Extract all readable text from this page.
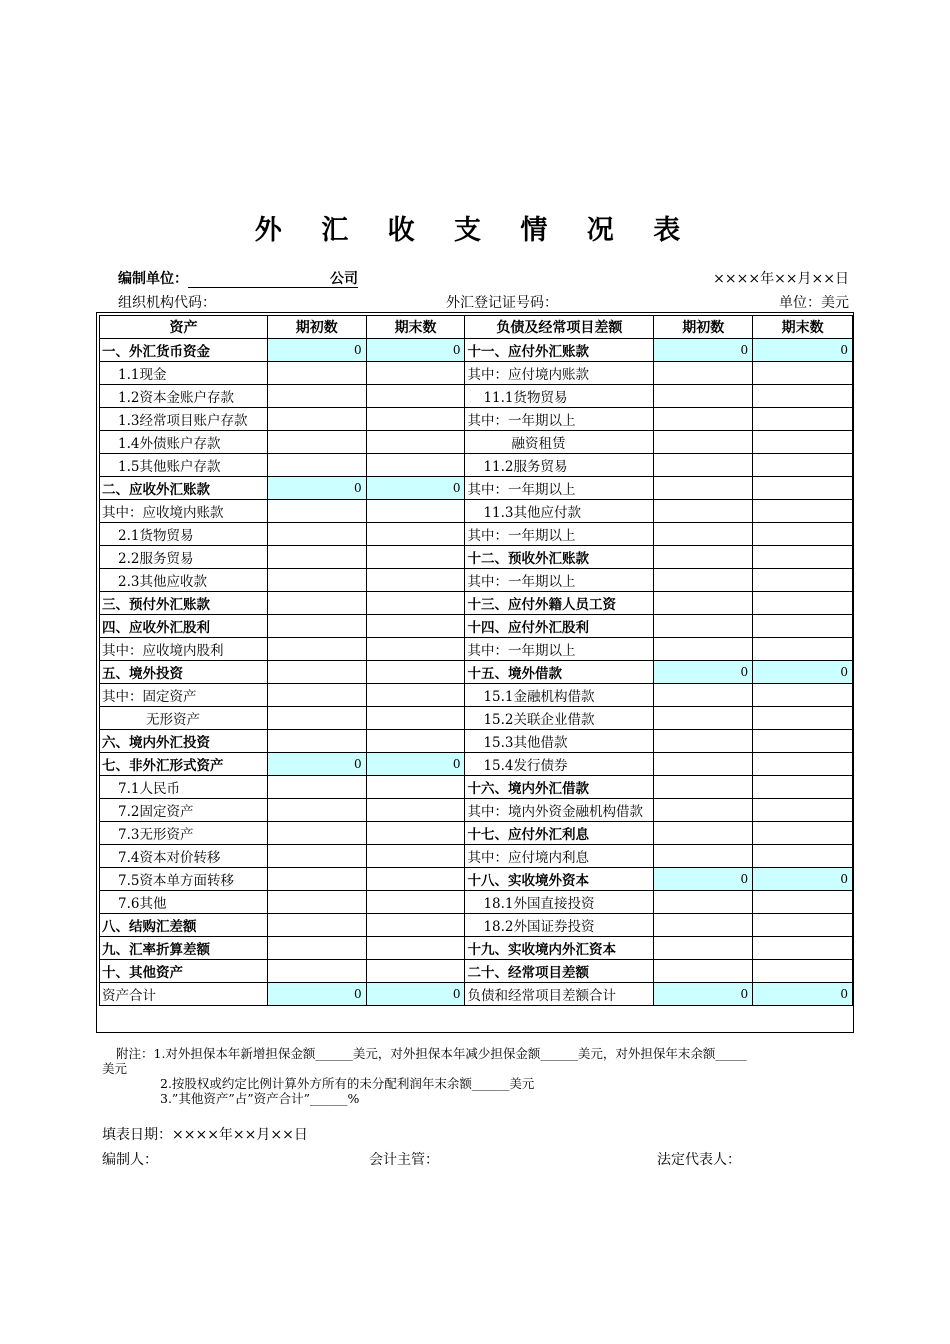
外 汇 收 支 情 况 表
编制单位：	公司	××××年××月××日
组织机构代码：	外汇登记证号码：	单位：美元
资产	期初数	期末数	负债及经常项目差额	期初数	期末数
一、外汇货币资金	0	0	十一、应付外汇账款	0	0
1.1现金			其中：应付境内账款		
1.2资本金账户存款			11.1货物贸易		
1.3经常项目账户存款			其中：一年期以上		
1.4外债账户存款			融资租赁		
1.5其他账户存款			11.2服务贸易		
二、应收外汇账款	0	0	其中：一年期以上		
其中：应收境内账款			11.3其他应付款		
2.1货物贸易			其中：一年期以上		
2.2服务贸易			十二、预收外汇账款		
2.3其他应收款			其中：一年期以上		
三、预付外汇账款			十三、应付外籍人员工资		
四、应收外汇股利			十四、应付外汇股利		
其中：应收境内股利			其中：一年期以上		
五、境外投资			十五、境外借款	0	0
其中：固定资产			15.1金融机构借款		
无形资产			15.2关联企业借款		
六、境内外汇投资			15.3其他借款		
七、非外汇形式资产	0	0	15.4发行债券		
7.1人民币			十六、境内外汇借款		
7.2固定资产			其中：境内外资金融机构借款		
7.3无形资产			十七、应付外汇利息		
7.4资本对价转移			其中：应付境内利息		
7.5资本单方面转移			十八、实收境外资本	0	0
7.6其他			18.1外国直接投资		
八、结购汇差额			18.2外国证券投资		
九、汇率折算差额			十九、实收境内外汇资本		
十、其他资产			二十、经常项目差额		
资产合计	0	0	负债和经常项目差额合计	0	0
附注：1.对外担保本年新增担保金额______美元，对外担保本年减少担保金额______美元，对外担保年末余额_____
美元
2.按股权或约定比例计算外方所有的未分配利润年末余额______美元
3.”其他资产”占”资产合计”______%
填表日期：××××年××月××日
编制人：	会计主管：	法定代表人：
